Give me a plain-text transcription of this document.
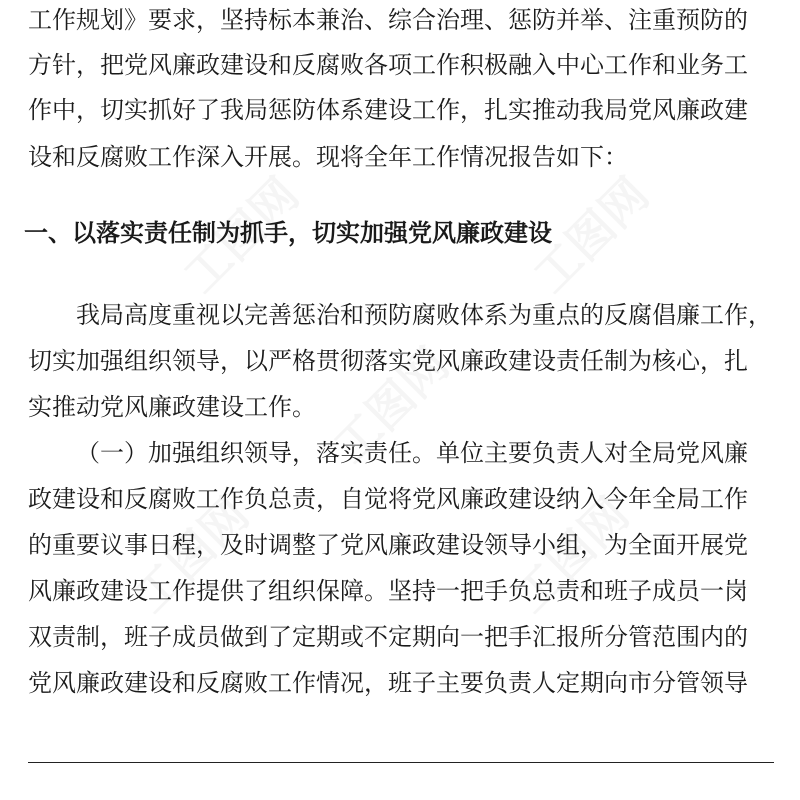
工图网	工图网
工图网
工图网	工图网
工作规划》要求，坚持标本兼治、综合治理、惩防并举、注重预防的
方针，把党风廉政建设和反腐败各项工作积极融入中心工作和业务工
作中，切实抓好了我局惩防体系建设工作，扎实推动我局党风廉政建
设和反腐败工作深入开展。现将全年工作情况报告如下：
一、以落实责任制为抓手，切实加强党风廉政建设
我局高度重视以完善惩治和预防腐败体系为重点的反腐倡廉工作，
切实加强组织领导，以严格贯彻落实党风廉政建设责任制为核心，扎
实推动党风廉政建设工作。
（一）加强组织领导，落实责任。单位主要负责人对全局党风廉
政建设和反腐败工作负总责，自觉将党风廉政建设纳入今年全局工作
的重要议事日程，及时调整了党风廉政建设领导小组，为全面开展党
风廉政建设工作提供了组织保障。坚持一把手负总责和班子成员一岗
双责制，班子成员做到了定期或不定期向一把手汇报所分管范围内的
党风廉政建设和反腐败工作情况，班子主要负责人定期向市分管领导
